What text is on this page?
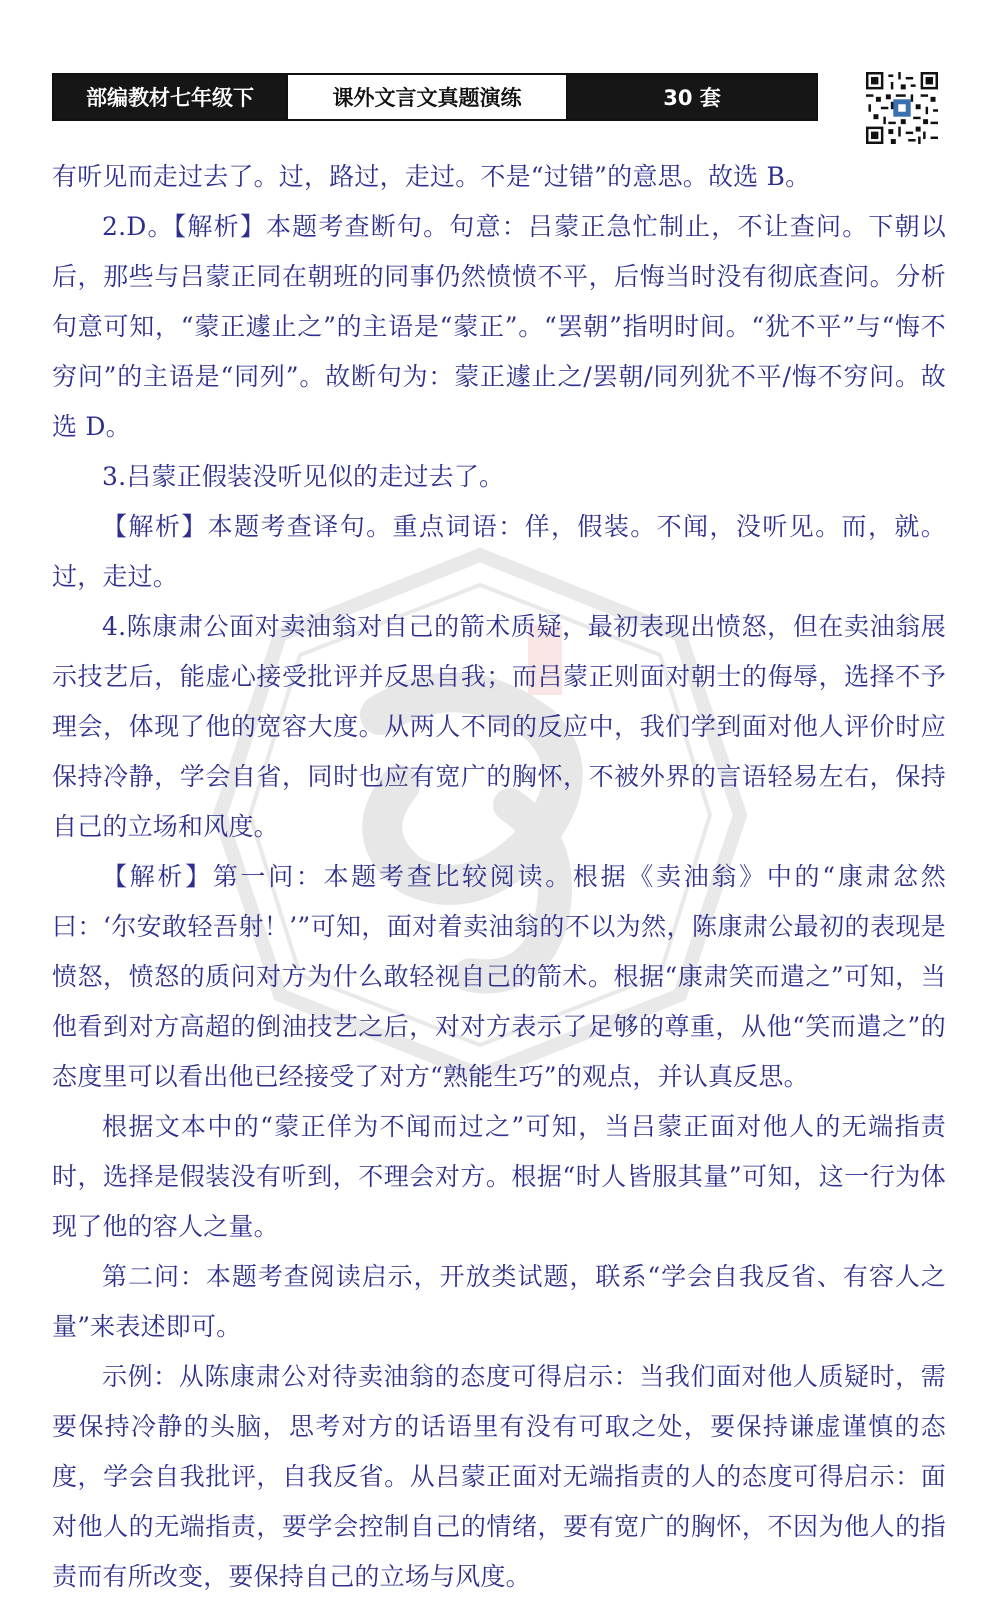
部编教材七年级下	课外文言文真题演练	30 套

有听见而走过去了。过，路过，走过。不是“过错”的意思。故选 B。

2.D。【解析】本题考查断句。句意：吕蒙正急忙制止，不让查问。下朝以后，那些与吕蒙正同在朝班的同事仍然愤愤不平，后悔当时没有彻底查问。分析句意可知，“蒙正遽止之”的主语是“蒙正”。“罢朝”指明时间。“犹不平”与“悔不穷问”的主语是“同列”。故断句为：蒙正遽止之/罢朝/同列犹不平/悔不穷问。故选 D。

3.吕蒙正假装没听见似的走过去了。

【解析】本题考查译句。重点词语：佯，假装。不闻，没听见。而，就。过，走过。

4.陈康肃公面对卖油翁对自己的箭术质疑，最初表现出愤怒，但在卖油翁展示技艺后，能虚心接受批评并反思自我；而吕蒙正则面对朝士的侮辱，选择不予理会，体现了他的宽容大度。从两人不同的反应中，我们学到面对他人评价时应保持冷静，学会自省，同时也应有宽广的胸怀，不被外界的言语轻易左右，保持自己的立场和风度。

【解析】第一问：本题考查比较阅读。根据《卖油翁》中的“康肃忿然曰：‘尔安敢轻吾射！’”可知，面对着卖油翁的不以为然，陈康肃公最初的表现是愤怒，愤怒的质问对方为什么敢轻视自己的箭术。根据“康肃笑而遣之”可知，当他看到对方高超的倒油技艺之后，对对方表示了足够的尊重，从他“笑而遣之”的态度里可以看出他已经接受了对方“熟能生巧”的观点，并认真反思。

根据文本中的“蒙正佯为不闻而过之”可知，当吕蒙正面对他人的无端指责时，选择是假装没有听到，不理会对方。根据“时人皆服其量”可知，这一行为体现了他的容人之量。

第二问：本题考查阅读启示，开放类试题，联系“学会自我反省、有容人之量”来表述即可。

示例：从陈康肃公对待卖油翁的态度可得启示：当我们面对他人质疑时，需要保持冷静的头脑，思考对方的话语里有没有可取之处，要保持谦虚谨慎的态度，学会自我批评，自我反省。从吕蒙正面对无端指责的人的态度可得启示：面对他人的无端指责，要学会控制自己的情绪，要有宽广的胸怀，不因为他人的指责而有所改变，要保持自己的立场与风度。
